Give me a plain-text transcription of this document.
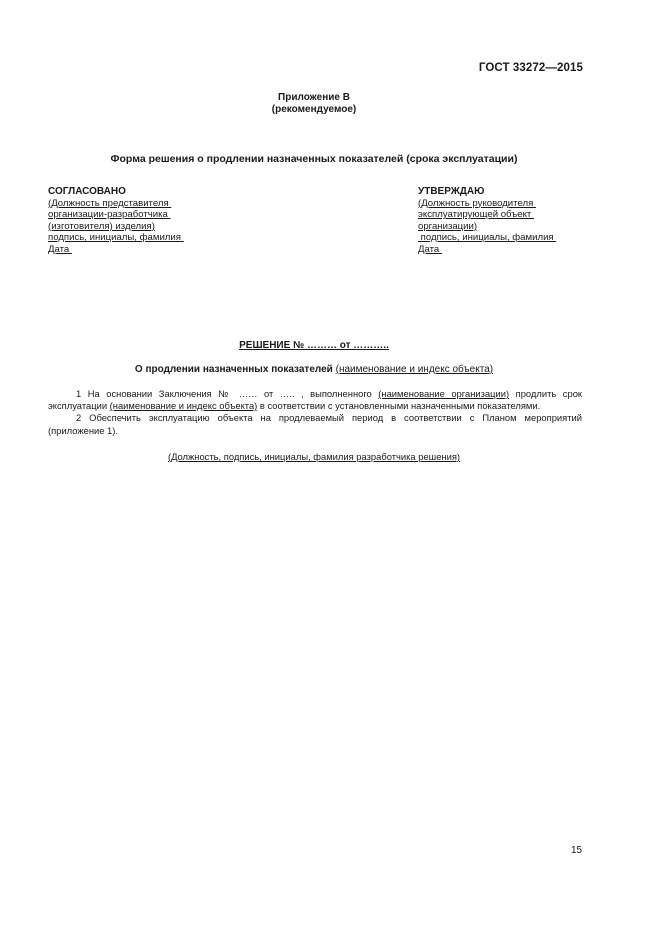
ГОСТ 33272—2015
Приложение В
(рекомендуемое)
Форма решения о продлении назначенных показателей (срока эксплуатации)
СОГЛАСОВАНО
(Должность представителя
организации-разработчика
(изготовителя) изделия)
подпись, инициалы, фамилия
Дата
УТВЕРЖДАЮ
(Должность руководителя
эксплуатирующей объект
организации)
подпись, инициалы, фамилия
Дата
РЕШЕНИЕ № ……… от ………..
О продлении назначенных показателей (наименование и индекс объекта)

1 На основании Заключения № …… от ….. , выполненного (наименование организации) продлить срок эксплуатации (наименование и индекс объекта) в соответствии с установленными назначенными показателями.

2 Обеспечить эксплуатацию объекта на продлеваемый период в соответствии с Планом мероприятий (приложение 1).

(Должность, подпись, инициалы, фамилия разработчика решения)
15
